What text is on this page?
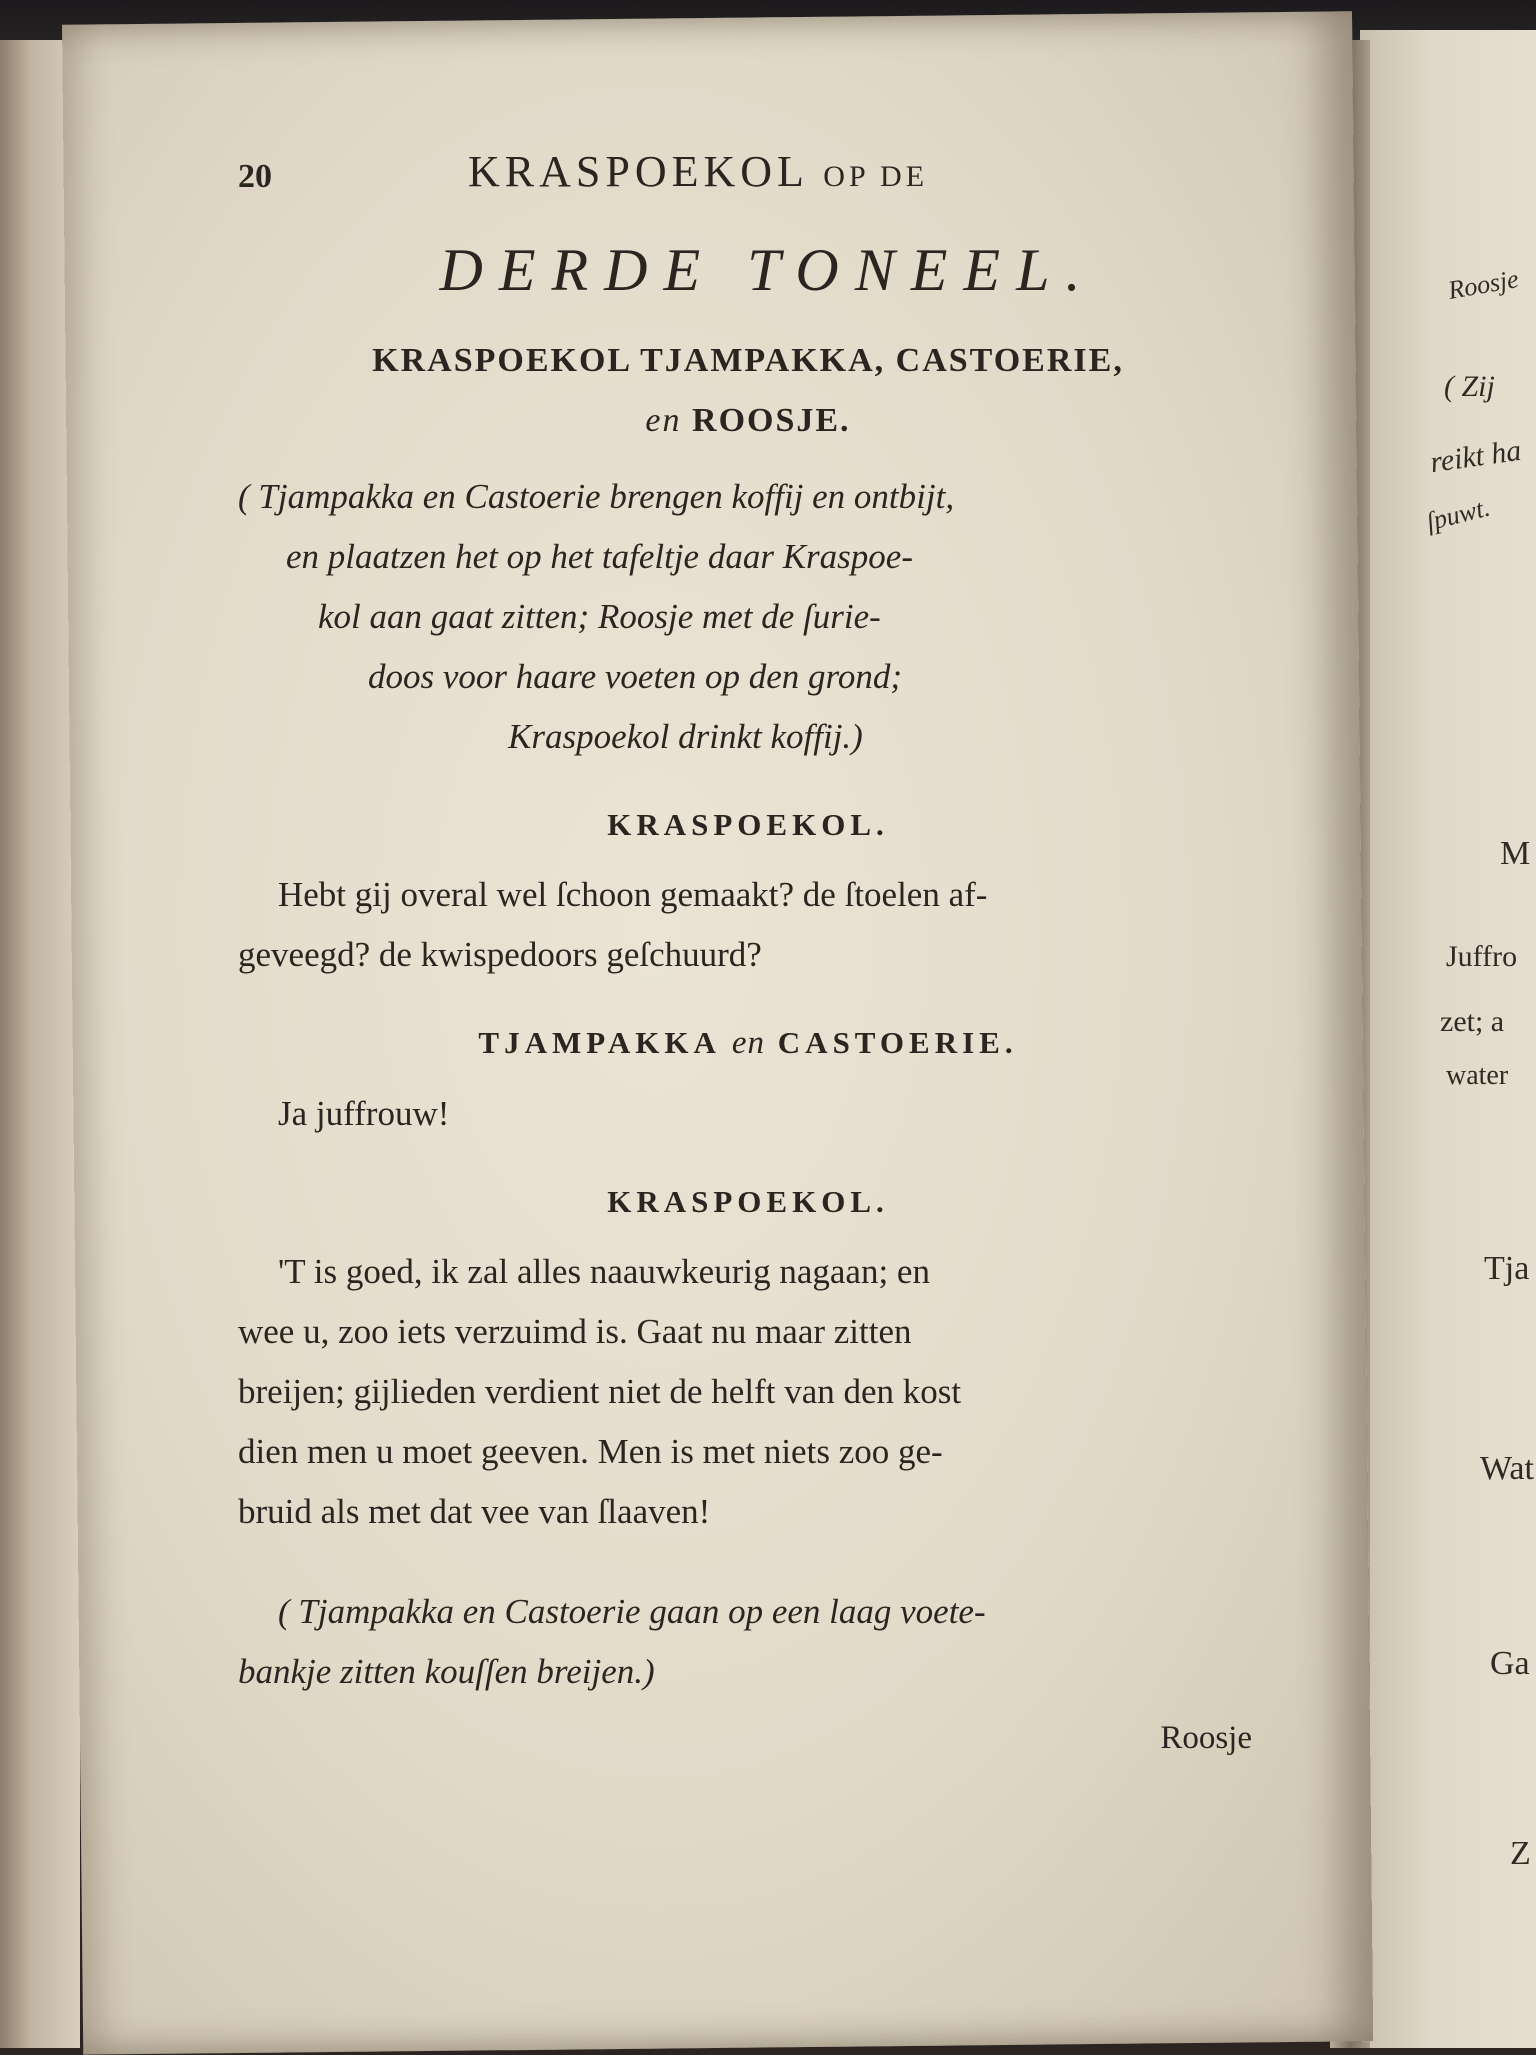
Roosje
( Zij
reikt ha
ſpuwt.
M
Juffro
zet; a
water
Tja
Wat
Ga
Z
20	KRASPOEKOL OP DE
DERDE TONEEL.
KRASPOEKOL TJAMPAKKA, CASTOERIE,
en ROOSJE.
( Tjampakka en Castoerie brengen koffij en ontbijt,
en plaatzen het op het tafeltje daar Kraspoe-
kol aan gaat zitten; Roosje met de ſurie-
doos voor haare voeten op den grond;
Kraspoekol drinkt koffij.)
KRASPOEKOL.
Hebt gij overal wel ſchoon gemaakt? de ſtoelen af-
geveegd? de kwispedoors geſchuurd?
TJAMPAKKA en CASTOERIE.
Ja juffrouw!
KRASPOEKOL.
'T is goed, ik zal alles naauwkeurig nagaan; en
wee u, zoo iets verzuimd is. Gaat nu maar zitten
breijen; gijlieden verdient niet de helft van den kost
dien men u moet geeven. Men is met niets zoo ge-
bruid als met dat vee van ſlaaven!
( Tjampakka en Castoerie gaan op een laag voete-
bankje zitten kouſſen breijen.)
Roosje
